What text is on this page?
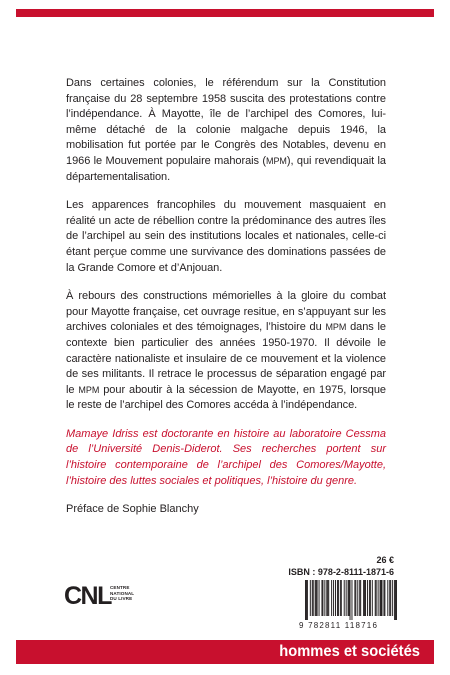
Dans certaines colonies, le référendum sur la Constitution française du 28 septembre 1958 suscita des protestations contre l’indépendance. À Mayotte, île de l’archipel des Comores, lui-même détaché de la colonie malgache depuis 1946, la mobilisation fut portée par le Congrès des Notables, devenu en 1966 le Mouvement populaire mahorais (MPM), qui revendiquait la départementalisation.

Les apparences francophiles du mouvement masquaient en réalité un acte de rébellion contre la prédominance des autres îles de l’archipel au sein des institutions locales et nationales, celle-ci étant perçue comme une survivance des dominations passées de la Grande Comore et d’Anjouan.

À rebours des constructions mémorielles à la gloire du combat pour Mayotte française, cet ouvrage resitue, en s’appuyant sur les archives coloniales et des témoignages, l’histoire du MPM dans le contexte bien particulier des années 1950-1970. Il dévoile le caractère nationaliste et insulaire de ce mouvement et la violence de ses militants. Il retrace le processus de séparation engagé par le MPM pour aboutir à la sécession de Mayotte, en 1975, lorsque le reste de l’archipel des Comores accéda à l’indépendance.

Mamaye Idriss est doctorante en histoire au laboratoire Cessma de l’Université Denis-Diderot. Ses recherches portent sur l’histoire contemporaine de l’archipel des Comores/Mayotte, l’histoire des luttes sociales et politiques, l’histoire du genre.

Préface de Sophie Blanchy

26 €
ISBN : 978-2-8111-1871-6
9 782811 118716
CNL CENTRE
NATIONAL
DU LIVRE
hommes et sociétés
